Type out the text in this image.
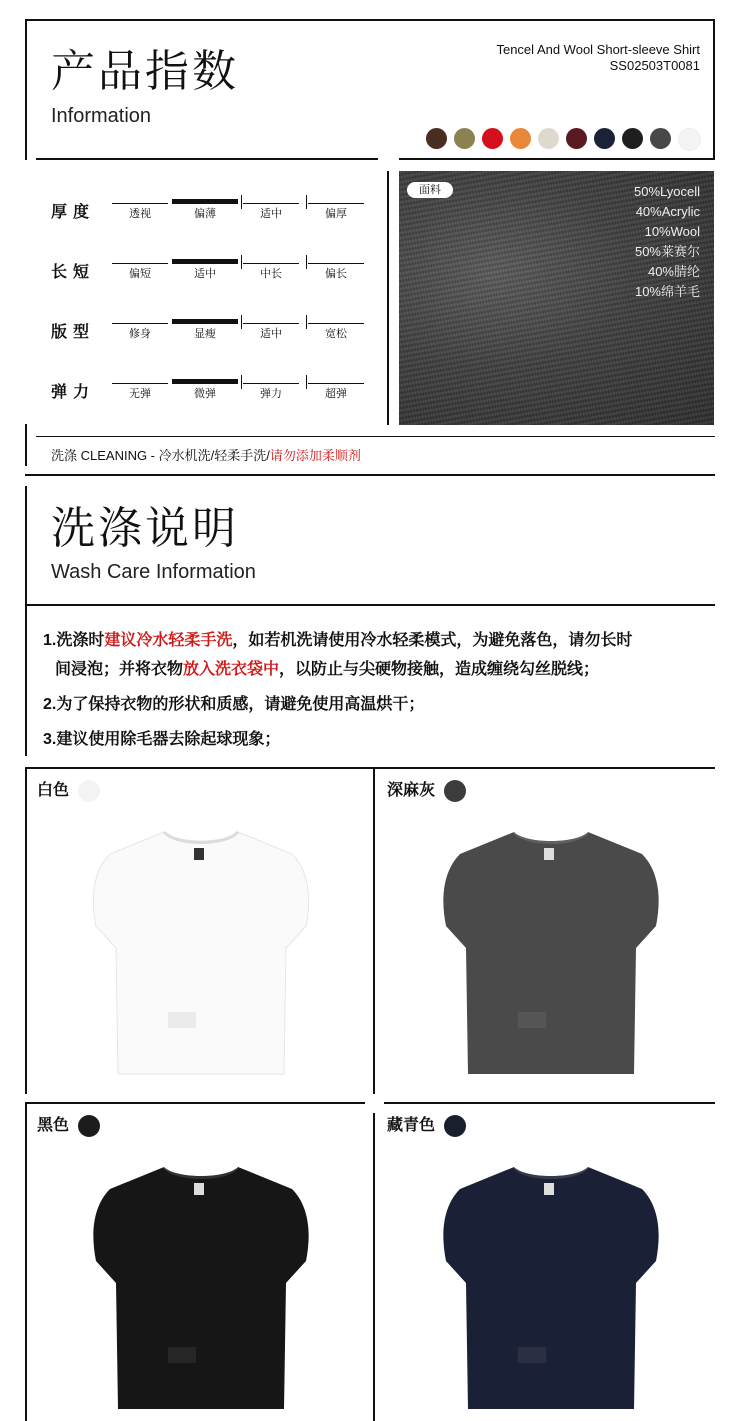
产品指数
Information
Tencel And Wool Short-sleeve Shirt
SS02503T0081
厚度	透视	偏薄	适中	偏厚
长短	偏短	适中	中长	偏长
版型	修身	显瘦	适中	宽松
弹力	无弹	微弹	弹力	超弹
面料	50%Lyocell
40%Acrylic
10%Wool
50%莱赛尔
40%腈纶
10%绵羊毛
洗涤 CLEANING - 冷水机洗/轻柔手洗/请勿添加柔顺剂
洗涤说明
Wash Care Information

1.洗涤时建议冷水轻柔手洗，如若机洗请使用冷水轻柔模式，为避免落色，请勿长时
间浸泡；并将衣物放入洗衣袋中，以防止与尖硬物接触，造成缠绕勾丝脱线；

2.为了保持衣物的形状和质感，请避免使用高温烘干；

3.建议使用除毛器去除起球现象；

白色	深麻灰
黑色	藏青色
